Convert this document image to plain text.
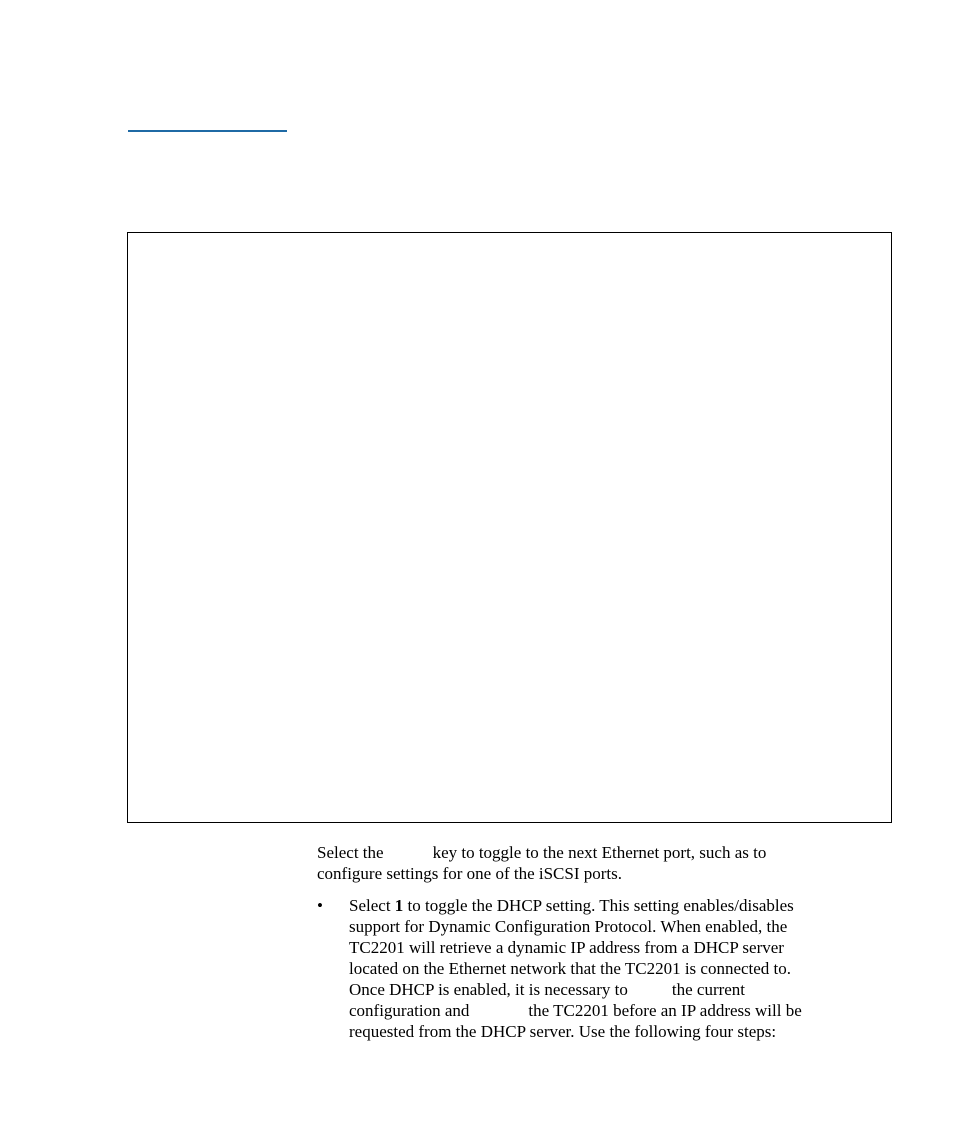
Select the	key to toggle to the next Ethernet port, such as to
configure settings for one of the iSCSI ports.

•	Select 1 to toggle the DHCP setting. This setting enables/disables
support for Dynamic Configuration Protocol. When enabled, the
TC2201 will retrieve a dynamic IP address from a DHCP server
located on the Ethernet network that the TC2201 is connected to.
Once DHCP is enabled, it is necessary to	the current
configuration and	the TC2201 before an IP address will be
requested from the DHCP server. Use the following four steps:
